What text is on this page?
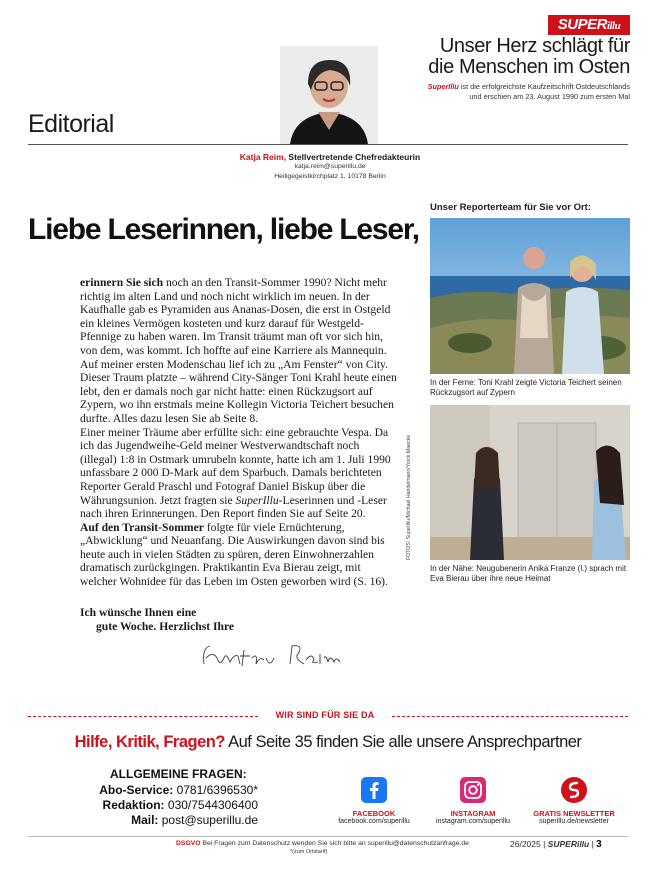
SUPERillu
Unser Herz schlägt für
die Menschen im Osten
SuperIllu ist die erfolgreichste Kaufzeitschrift Ostdeutschlands
und erschien am 23. August 1990 zum ersten Mal
Editorial
Katja Reim, Stellvertretende Chefredakteurin
katja.reim@superillu.de
Heiligegeistkirchplatz 1, 10178 Berlin
Liebe Leserinnen, liebe Leser,

erinnern Sie sich noch an den Transit-Sommer 1990? Nicht mehr richtig im alten Land und noch nicht wirklich im neuen. In der Kaufhalle gab es Pyramiden aus Ananas-Dosen, die erst in Ostgeld ein kleines Vermögen kosteten und kurz darauf für Westgeld-Pfennige zu haben waren. Im Transit träumt man oft vor sich hin, von dem, was kommt. Ich hoffte auf eine Karriere als Mannequin. Auf meiner ersten Modenschau lief ich zu „Am Fenster“ von City. Dieser Traum platzte – während City-Sänger Toni Krahl heute einen lebt, den er damals noch gar nicht hatte: einen Rückzugsort auf Zypern, wo ihn erstmals meine Kollegin Victoria Teichert besuchen durfte. Alles dazu lesen Sie ab Seite 8.

Einer meiner Träume aber erfüllte sich: eine gebrauchte Vespa. Da ich das Jugendweihe-Geld meiner Westverwandtschaft noch (illegal) 1:8 in Ostmark umrubeln konnte, hatte ich am 1. Juli 1990 unfassbare 2 000 D-Mark auf dem Sparbuch. Damals berichteten Reporter Gerald Praschl und Fotograf Daniel Biskup über die Währungsunion. Jetzt fragten sie SuperIllu-Leserinnen und -Leser nach ihren Erinnerungen. Den Report finden Sie auf Seite 20.

Auf den Transit-Sommer folgte für viele Ernüchterung, „Abwicklung“ und Neuanfang. Die Auswirkungen davon sind bis heute auch in vielen Städten zu spüren, deren Einwohnerzahlen dramatisch zurückgingen. Praktikantin Eva Bierau zeigt, mit welcher Wohnidee für das Leben im Osten geworben wird (S. 16).

Ich wünsche Ihnen eine
gute Woche. Herzlichst Ihre
Unser Reporterteam für Sie vor Ort:
In der Ferne: Toni Krahl zeigte Victoria Teichert seinen Rückzugsort auf Zypern
FOTOS: SuperIllu/Michael Handelmann/Yorck Maecke
In der Nähe: Neugubenerin Anika Franze (l.) sprach mit Eva Bierau über ihre neue Heimat
WIR SIND FÜR SIE DA
Hilfe, Kritik, Fragen? Auf Seite 35 finden Sie alle unsere Ansprechpartner
ALLGEMEINE FRAGEN:
Abo-Service: 0781/6396530*
Redaktion: 030/7544306400
Mail: post@superillu.de	FACEBOOK
facebook.com/superillu
INSTAGRAM
instagram.com/superillu
GRATIS NEWSLETTER
superillu.de/newsletter
DSGVO Bei Fragen zum Datenschutz wenden Sie sich bitte an superillu@datenschutzanfrage.de
*(zum Ortstarif)
26/2025 | SUPERillu | 3
